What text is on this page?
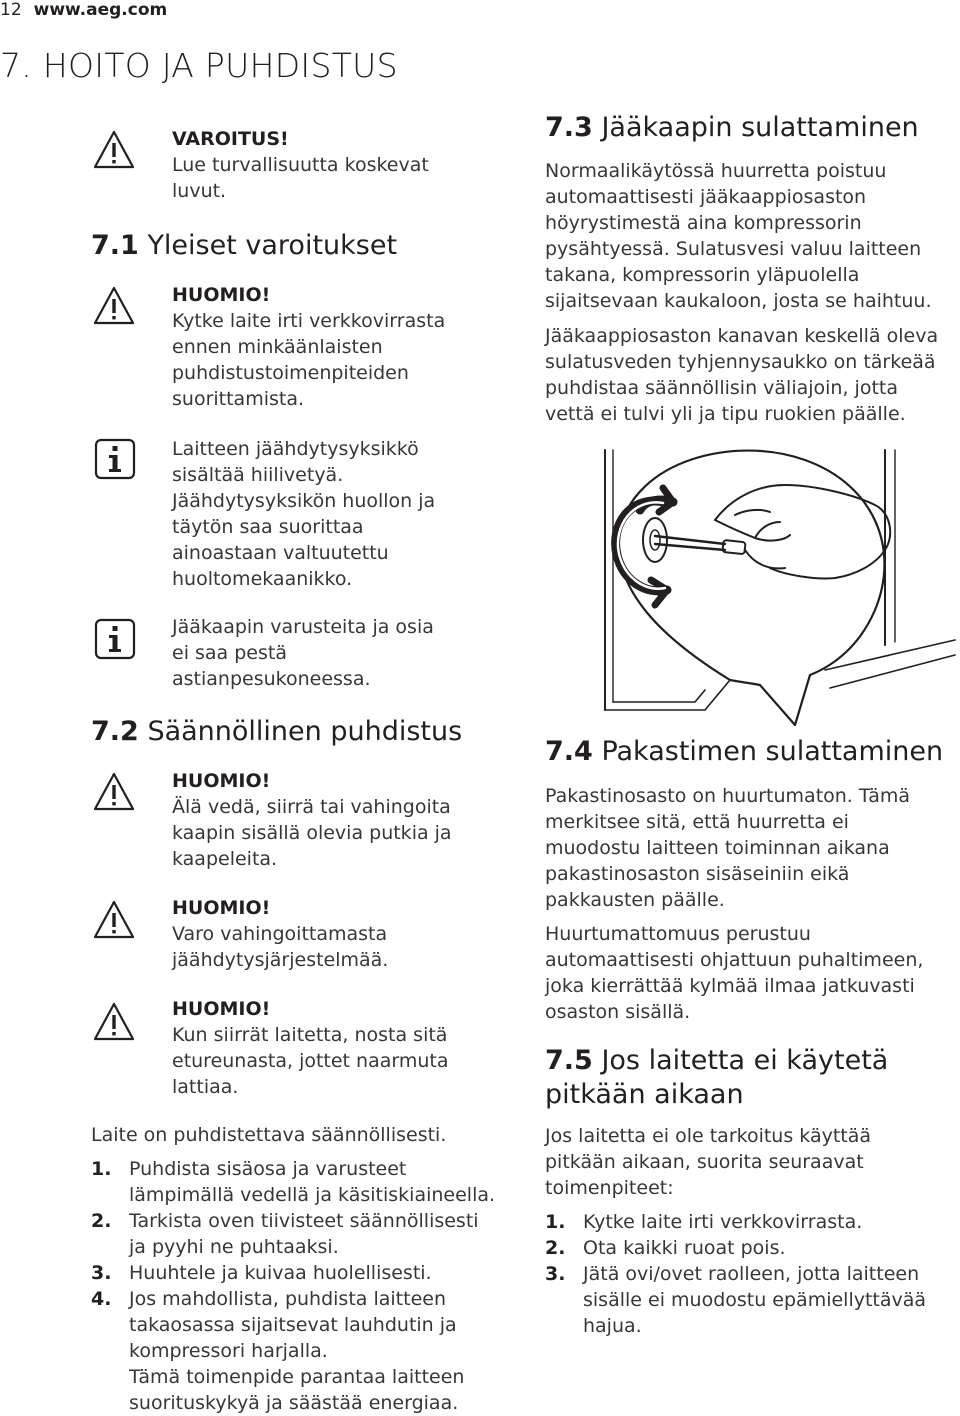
12 www.aeg.com
7. HOITO JA PUHDISTUS
VAROITUS!
Lue turvallisuutta koskevat
luvut.
7.1 Yleiset varoitukset
HUOMIO!
Kytke laite irti verkkovirrasta
ennen minkäänlaisten
puhdistustoimenpiteiden
suorittamista.
Laitteen jäähdytysyksikkö
sisältää hiilivetyä.
Jäähdytysyksikön huollon ja
täytön saa suorittaa
ainoastaan valtuutettu
huoltomekaanikko.
Jääkaapin varusteita ja osia
ei saa pestä
astianpesukoneessa.
7.2 Säännöllinen puhdistus
HUOMIO!
Älä vedä, siirrä tai vahingoita
kaapin sisällä olevia putkia ja
kaapeleita.
HUOMIO!
Varo vahingoittamasta
jäähdytysjärjestelmää.
HUOMIO!
Kun siirrät laitetta, nosta sitä
etureunasta, jottet naarmuta
lattiaa.
Laite on puhdistettava säännöllisesti.
1. Puhdista sisäosa ja varusteet
lämpimällä vedellä ja käsitiskiaineella.
2. Tarkista oven tiivisteet säännöllisesti
ja pyyhi ne puhtaaksi.
3. Huuhtele ja kuivaa huolellisesti.
4. Jos mahdollista, puhdista laitteen
takaosassa sijaitsevat lauhdutin ja
kompressori harjalla.
Tämä toimenpide parantaa laitteen
suorituskykyä ja säästää energiaa.
7.3 Jääkaapin sulattaminen
Normaalikäytössä huurretta poistuu
automaattisesti jääkaappiosaston
höyrystimestä aina kompressorin
pysähtyessä. Sulatusvesi valuu laitteen
takana, kompressorin yläpuolella
sijaitsevaan kaukaloon, josta se haihtuu.
Jääkaappiosaston kanavan keskellä oleva
sulatusveden tyhjennysaukko on tärkeää
puhdistaa säännöllisin väliajoin, jotta
vettä ei tulvi yli ja tipu ruokien päälle.
7.4 Pakastimen sulattaminen
Pakastinosasto on huurtumaton. Tämä
merkitsee sitä, että huurretta ei
muodostu laitteen toiminnan aikana
pakastinosaston sisäseiniin eikä
pakkausten päälle.
Huurtumattomuus perustuu
automaattisesti ohjattuun puhaltimeen,
joka kierrättää kylmää ilmaa jatkuvasti
osaston sisällä.
7.5 Jos laitetta ei käytetä
pitkään aikaan
Jos laitetta ei ole tarkoitus käyttää
pitkään aikaan, suorita seuraavat
toimenpiteet:
1. Kytke laite irti verkkovirrasta.
2. Ota kaikki ruoat pois.
3. Jätä ovi/ovet raolleen, jotta laitteen
sisälle ei muodostu epämiellyttävää
hajua.
